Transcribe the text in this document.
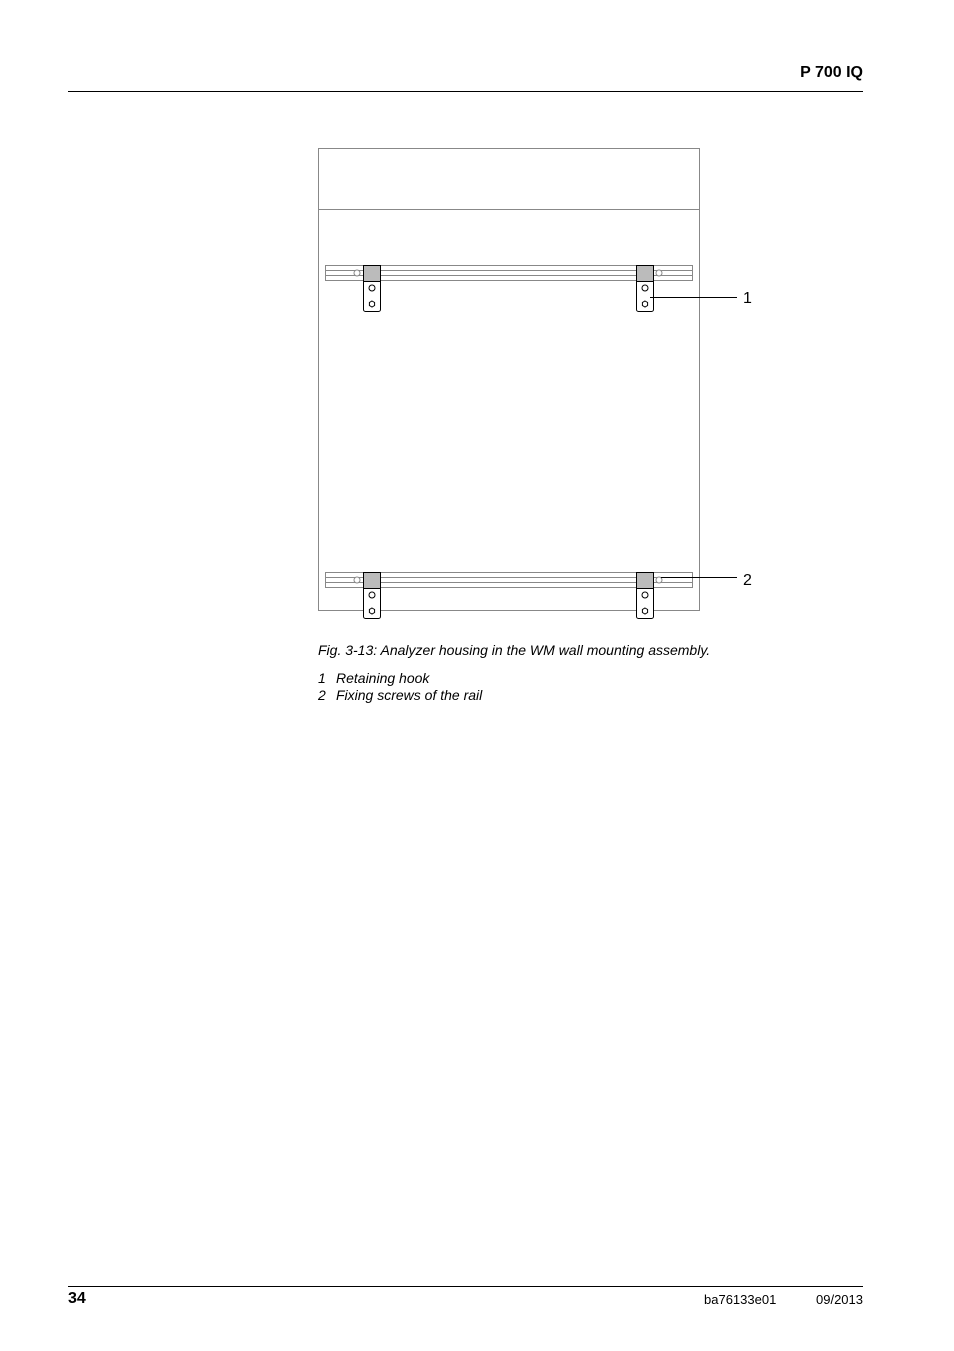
P 700 IQ
1
2
Fig. 3-13: Analyzer housing in the WM wall mounting assembly.
1 Retaining hook
2 Fixing screws of the rail
34	ba76133e01	09/2013
